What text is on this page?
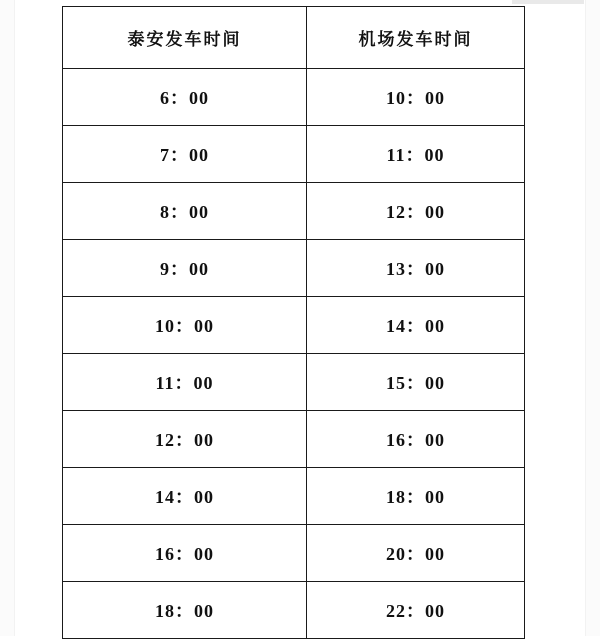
泰安发车时间	机场发车时间
6：00	10：00
7：00	11：00
8：00	12：00
9：00	13：00
10：00	14：00
11：00	15：00
12：00	16：00
14：00	18：00
16：00	20：00
18：00	22：00
